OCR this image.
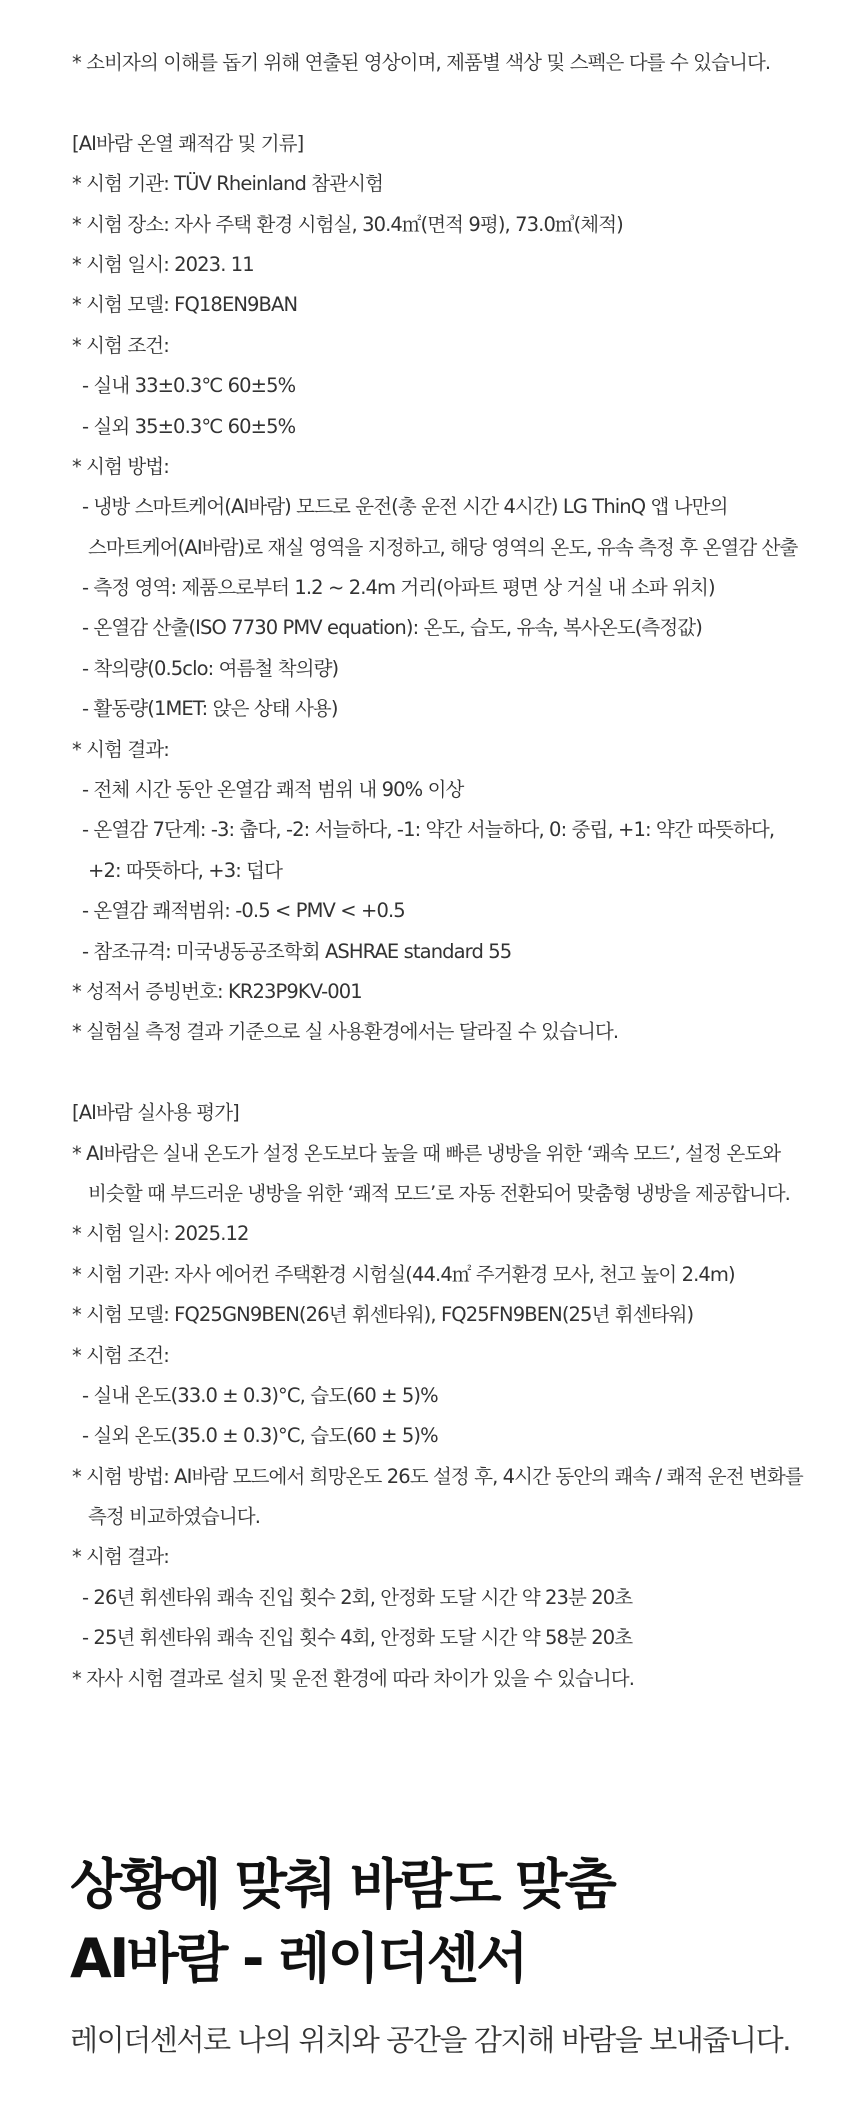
* 소비자의 이해를 돕기 위해 연출된 영상이며, 제품별 색상 및 스펙은 다를 수 있습니다.
[AI바람 온열 쾌적감 및 기류]
* 시험 기관: TÜV Rheinland 참관시험
* 시험 장소: 자사 주택 환경 시험실, 30.4㎡(면적 9평), 73.0㎥(체적)
* 시험 일시: 2023. 11
* 시험 모델: FQ18EN9BAN
* 시험 조건:
- 실내 33±0.3℃ 60±5%
- 실외 35±0.3℃ 60±5%
* 시험 방법:
- 냉방 스마트케어(AI바람) 모드로 운전(총 운전 시간 4시간) LG ThinQ 앱 나만의
스마트케어(AI바람)로 재실 영역을 지정하고, 해당 영역의 온도, 유속 측정 후 온열감 산출
- 측정 영역: 제품으로부터 1.2 ~ 2.4m 거리(아파트 평면 상 거실 내 소파 위치)
- 온열감 산출(ISO 7730 PMV equation): 온도, 습도, 유속, 복사온도(측정값)
- 착의량(0.5clo: 여름철 착의량)
- 활동량(1MET: 앉은 상태 사용)
* 시험 결과:
- 전체 시간 동안 온열감 쾌적 범위 내 90% 이상
- 온열감 7단계: -3: 춥다, -2: 서늘하다, -1: 약간 서늘하다, 0: 중립, +1: 약간 따뜻하다,
+2: 따뜻하다, +3: 덥다
- 온열감 쾌적범위: -0.5 < PMV < +0.5
- 참조규격: 미국냉동공조학회 ASHRAE standard 55
* 성적서 증빙번호: KR23P9KV-001
* 실험실 측정 결과 기준으로 실 사용환경에서는 달라질 수 있습니다.
[AI바람 실사용 평가]
* AI바람은 실내 온도가 설정 온도보다 높을 때 빠른 냉방을 위한 ‘쾌속 모드’, 설정 온도와
비슷할 때 부드러운 냉방을 위한 ‘쾌적 모드’로 자동 전환되어 맞춤형 냉방을 제공합니다.
* 시험 일시: 2025.12
* 시험 기관: 자사 에어컨 주택환경 시험실(44.4㎡ 주거환경 모사, 천고 높이 2.4m)
* 시험 모델: FQ25GN9BEN(26년 휘센타워), FQ25FN9BEN(25년 휘센타워)
* 시험 조건:
- 실내 온도(33.0 ± 0.3)°C, 습도(60 ± 5)%
- 실외 온도(35.0 ± 0.3)°C, 습도(60 ± 5)%
* 시험 방법: AI바람 모드에서 희망온도 26도 설정 후, 4시간 동안의 쾌속 / 쾌적 운전 변화를
측정 비교하였습니다.
* 시험 결과:
- 26년 휘센타워 쾌속 진입 횟수 2회, 안정화 도달 시간 약 23분 20초
- 25년 휘센타워 쾌속 진입 횟수 4회, 안정화 도달 시간 약 58분 20초
* 자사 시험 결과로 설치 및 운전 환경에 따라 차이가 있을 수 있습니다.
상황에 맞춰 바람도 맞춤
AI바람 - 레이더센서

레이더센서로 나의 위치와 공간을 감지해 바람을 보내줍니다.
